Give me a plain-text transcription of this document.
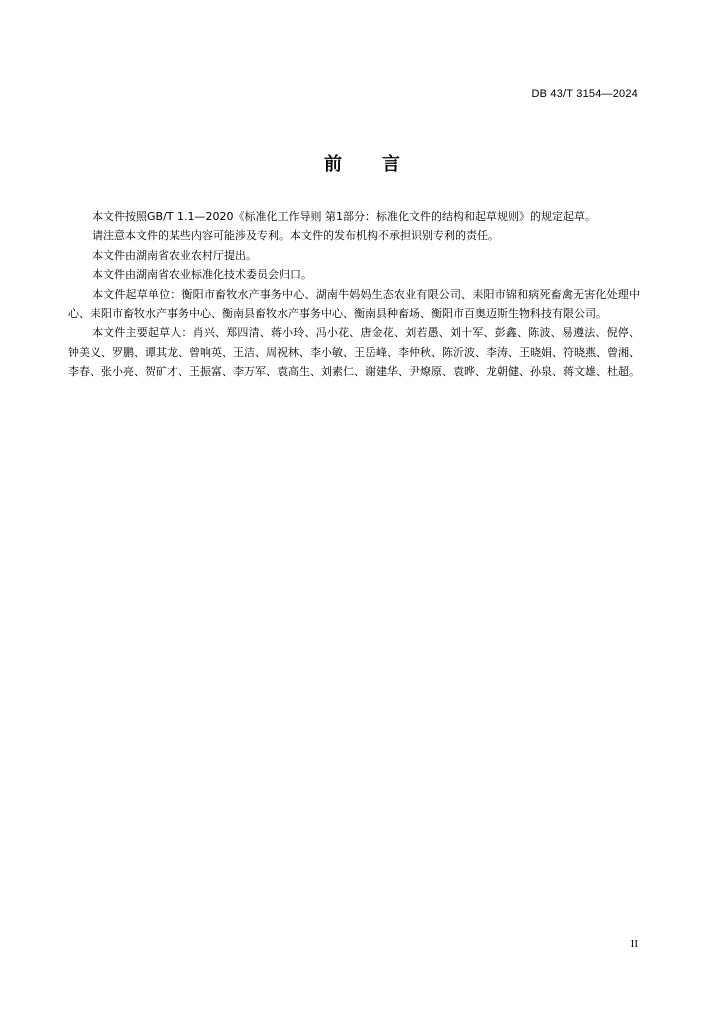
DB 43/T 3154—2024
前言

本文件按照GB/T 1.1—2020《标准化工作导则 第1部分：标准化文件的结构和起草规则》的规定起草。

请注意本文件的某些内容可能涉及专利。本文件的发布机构不承担识别专利的责任。

本文件由湖南省农业农村厅提出。

本文件由湖南省农业标准化技术委员会归口。

本文件起草单位：衡阳市畜牧水产事务中心、湖南牛妈妈生态农业有限公司、耒阳市锦和病死畜禽无害化处理中心、耒阳市畜牧水产事务中心、衡南县畜牧水产事务中心、衡南县种畜场、衡阳市百奥迈斯生物科技有限公司。

本文件主要起草人：肖兴、郑四清、蒋小玲、冯小花、唐金花、刘若愚、刘十军、彭鑫、陈波、易遵法、倪停、钟美义、罗鹏、谭其龙、曾响英、王洁、周祝林、李小敏、王岳峰、李仲秋、陈沂波、李涛、王晓娟、符晓燕、曾湘、李春、张小亮、贺矿才、王振富、李万军、袁高生、刘素仁、谢建华、尹燎原、袁晔、龙朝健、孙泉、蒋文雄、杜超。

II
